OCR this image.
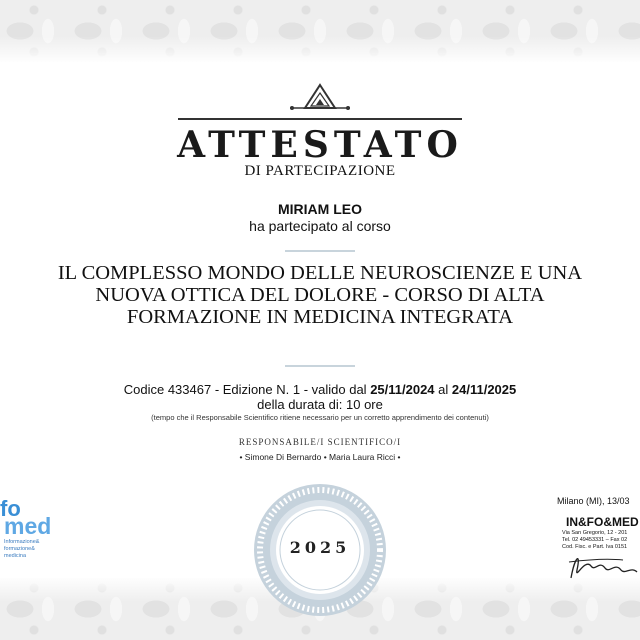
ATTESTATO
DI PARTECIPAZIONE
MIRIAM LEO
ha partecipato al corso
IL COMPLESSO MONDO DELLE NEUROSCIENZE E UNA NUOVA OTTICA DEL DOLORE - CORSO DI ALTA FORMAZIONE IN MEDICINA INTEGRATA
Codice 433467 - Edizione N. 1 - valido dal 25/11/2024 al 24/11/2025
della durata di: 10 ore
(tempo che il Responsabile Scientifico ritiene necessario per un corretto apprendimento dei contenuti)
RESPONSABILE/I SCIENTIFICO/I
• Simone Di Bernardo • Maria Laura Ricci •
2025
fo
med
Informazione&
formazione&
medicina
Milano (MI), 13/03
IN&FO&MED
Via San Gregorio, 12 - 201
Tel. 02 49453331 – Fax 02
Cod. Fisc. e Part. Iva 0151
